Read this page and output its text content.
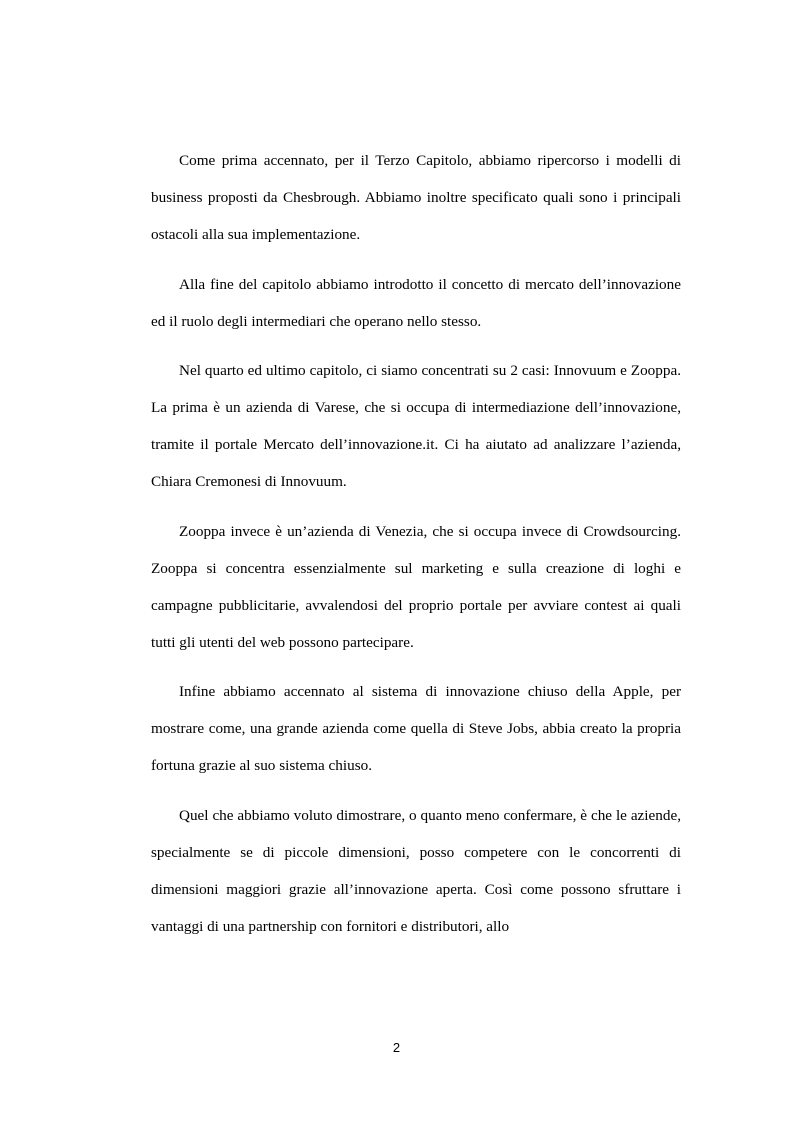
Come prima accennato, per il Terzo Capitolo, abbiamo ripercorso i modelli di business proposti da Chesbrough. Abbiamo inoltre specificato quali sono i principali ostacoli alla sua implementazione.

Alla fine del capitolo abbiamo introdotto il concetto di mercato dell’innovazione ed il ruolo degli intermediari che operano nello stesso.

Nel quarto ed ultimo capitolo, ci siamo concentrati su 2 casi: Innovuum e Zooppa. La prima è un azienda di Varese, che si occupa di intermediazione dell’innovazione, tramite il portale Mercato dell’innovazione.it. Ci ha aiutato ad analizzare l’azienda, Chiara Cremonesi di Innovuum.

Zooppa invece è un’azienda di Venezia, che si occupa invece di Crowdsourcing. Zooppa si concentra essenzialmente sul marketing e sulla creazione di loghi e campagne pubblicitarie, avvalendosi del proprio portale per avviare contest ai quali tutti gli utenti del web possono partecipare.

Infine abbiamo accennato al sistema di innovazione chiuso della Apple, per mostrare come, una grande azienda come quella di Steve Jobs, abbia creato la propria fortuna grazie al suo sistema chiuso.

Quel che abbiamo voluto dimostrare, o quanto meno confermare, è che le aziende, specialmente se di piccole dimensioni, posso competere con le concorrenti di dimensioni maggiori grazie all’innovazione aperta. Così come possono sfruttare i vantaggi di una partnership con fornitori e distributori, allo

2
